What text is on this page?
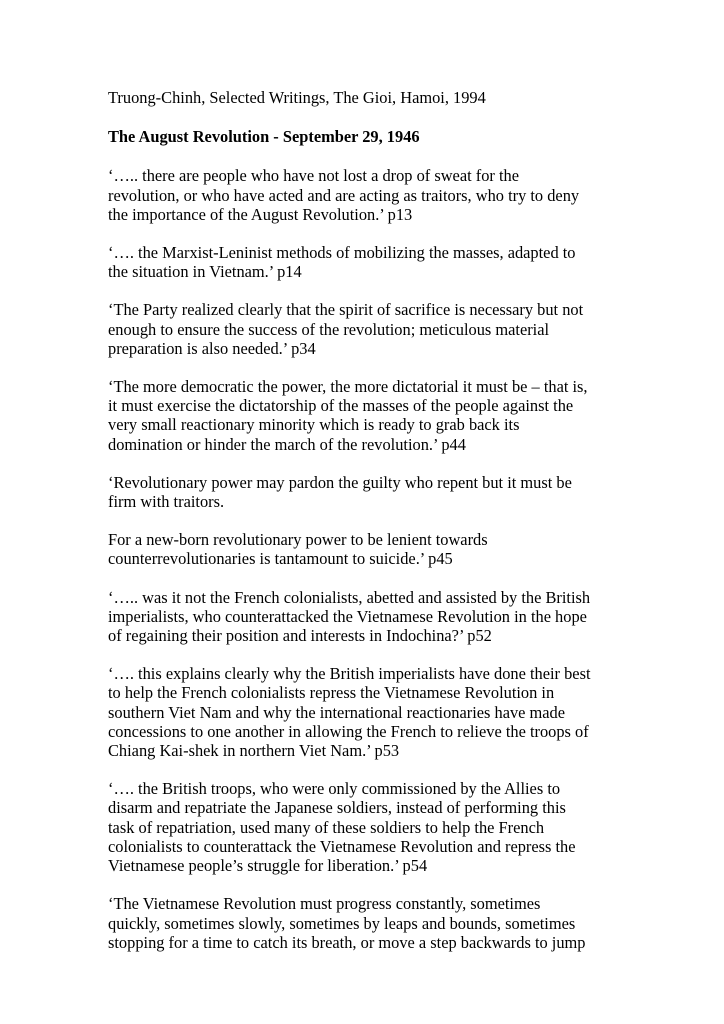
Truong-Chinh, Selected Writings, The Gioi, Hamoi, 1994
The August Revolution - September 29, 1946
‘….. there are people who have not lost a drop of sweat for the
revolution, or who have acted and are acting as traitors, who try to deny
the importance of the August Revolution.’ p13
‘…. the Marxist-Leninist methods of mobilizing the masses, adapted to
the situation in Vietnam.’ p14
‘The Party realized clearly that the spirit of sacrifice is necessary but not
enough to ensure the success of the revolution; meticulous material
preparation is also needed.’ p34
‘The more democratic the power, the more dictatorial it must be – that is,
it must exercise the dictatorship of the masses of the people against the
very small reactionary minority which is ready to grab back its
domination or hinder the march of the revolution.’ p44
‘Revolutionary power may pardon the guilty who repent but it must be
firm with traitors.
For a new-born revolutionary power to be lenient towards
counterrevolutionaries is tantamount to suicide.’ p45
‘….. was it not the French colonialists, abetted and assisted by the British
imperialists, who counterattacked the Vietnamese Revolution in the hope
of regaining their position and interests in Indochina?’ p52
‘…. this explains clearly why the British imperialists have done their best
to help the French colonialists repress the Vietnamese Revolution in
southern Viet Nam and why the international reactionaries have made
concessions to one another in allowing the French to relieve the troops of
Chiang Kai-shek in northern Viet Nam.’ p53
‘…. the British troops, who were only commissioned by the Allies to
disarm and repatriate the Japanese soldiers, instead of performing this
task of repatriation, used many of these soldiers to help the French
colonialists to counterattack the Vietnamese Revolution and repress the
Vietnamese people’s struggle for liberation.’ p54
‘The Vietnamese Revolution must progress constantly, sometimes
quickly, sometimes slowly, sometimes by leaps and bounds, sometimes
stopping for a time to catch its breath, or move a step backwards to jump
